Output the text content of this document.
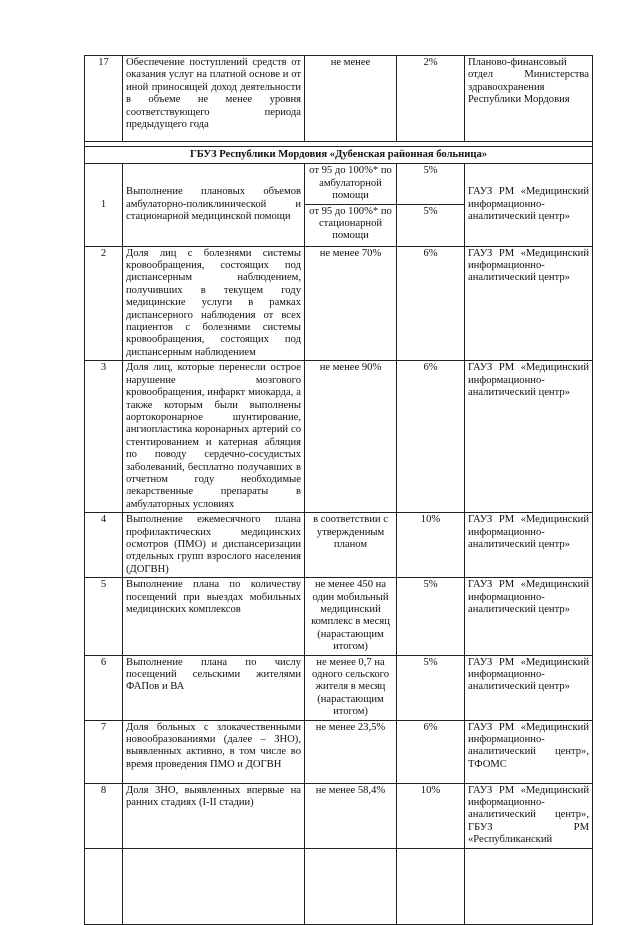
17	Обеспечение поступлений средств от оказания услуг на платной основе и от иной приносящей доход деятельности в объеме не менее уровня соответствующего периода предыдущего года	не менее	2%	Планово-финансовый отдел Министерства здравоохранения Республики Мордовия

ГБУЗ Республики Мордовия «Дубенская районная больница»				
1	Выполнение плановых объемов амбулаторно-поликлинической и стационарной медицинской помощи	от 95 до 100%* по амбулаторной помощи	5%	ГАУЗ РМ «Медицинский информационно-аналитический центр»
		от 95 до 100%* по стационарной помощи	5%	
2	Доля лиц с болезнями системы кровообращения, состоящих под диспансерным наблюдением, получивших в текущем году медицинские услуги в рамках диспансерного наблюдения от всех пациентов с болезнями системы кровообращения, состоящих под диспансерным наблюдением	не менее 70%	6%	ГАУЗ РМ «Медицинский информационно-аналитический центр»
3	Доля лиц, которые перенесли острое нарушение мозгового кровообращения, инфаркт миокарда, а также которым были выполнены аортокоронарное шунтирование, ангиопластика коронарных артерий со стентированием и катерная абляция по поводу сердечно-сосудистых заболеваний, бесплатно получавших в отчетном году необходимые лекарственные препараты в амбулаторных условиях	не менее 90%	6%	ГАУЗ РМ «Медицинский информационно-аналитический центр»
4	Выполнение ежемесячного плана профилактических медицинских осмотров (ПМО) и диспансеризации отдельных групп взрослого населения (ДОГВН)	в соответствии с утвержденным планом	10%	ГАУЗ РМ «Медицинский информационно-аналитический центр»
5	Выполнение плана по количеству посещений при выездах мобильных медицинских комплексов	не менее 450 на один мобильный медицинский комплекс в месяц (нарастающим итогом)	5%	ГАУЗ РМ «Медицинский информационно-аналитический центр»
6	Выполнение плана по числу посещений сельскими жителями ФАПов и ВА	не менее 0,7 на одного сельского жителя в месяц (нарастающим итогом)	5%	ГАУЗ РМ «Медицинский информационно-аналитический центр»
7	Доля больных с злокачественными новообразованиями (далее – ЗНО), выявленных активно, в том числе во время проведения ПМО и ДОГВН	не менее 23,5%	6%	ГАУЗ РМ «Медицинский информационно-аналитический центр», ТФОМС
8	Доля ЗНО, выявленных впервые на ранних стадиях (I-II стадии)	не менее 58,4%	10%	ГАУЗ РМ «Медицинский информационно-аналитический центр», ГБУЗ РМ «Республиканский
